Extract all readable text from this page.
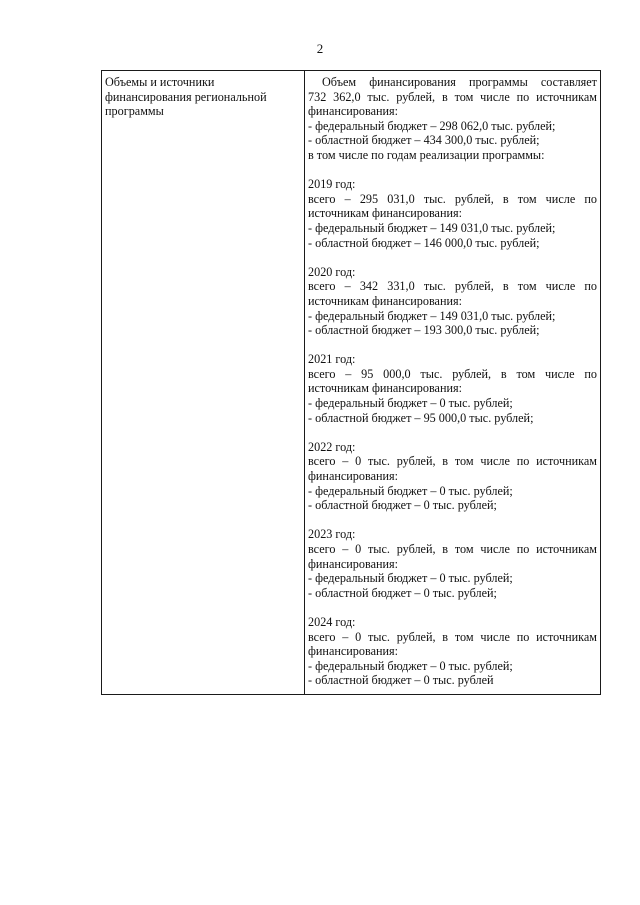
2
Объемы и источники
финансирования региональной
программы

Объем финансирования программы составляет
732 362,0 тыс. рублей, в том числе по источникам
финансирования:
- федеральный бюджет – 298 062,0 тыс. рублей;
- областной бюджет – 434 300,0 тыс. рублей;
в том числе по годам реализации программы:
2019 год:
всего – 295 031,0 тыс. рублей, в том числе по
источникам финансирования:
- федеральный бюджет – 149 031,0 тыс. рублей;
- областной бюджет – 146 000,0 тыс. рублей;
2020 год:
всего – 342 331,0 тыс. рублей, в том числе по
источникам финансирования:
- федеральный бюджет – 149 031,0 тыс. рублей;
- областной бюджет – 193 300,0 тыс. рублей;
2021 год:
всего – 95 000,0 тыс. рублей, в том числе по
источникам финансирования:
- федеральный бюджет – 0 тыс. рублей;
- областной бюджет – 95 000,0 тыс. рублей;
2022 год:
всего – 0 тыс. рублей, в том числе по источникам
финансирования:
- федеральный бюджет – 0 тыс. рублей;
- областной бюджет – 0 тыс. рублей;
2023 год:
всего – 0 тыс. рублей, в том числе по источникам
финансирования:
- федеральный бюджет – 0 тыс. рублей;
- областной бюджет – 0 тыс. рублей;
2024 год:
всего – 0 тыс. рублей, в том числе по источникам
финансирования:
- федеральный бюджет – 0 тыс. рублей;
- областной бюджет – 0 тыс. рублей
